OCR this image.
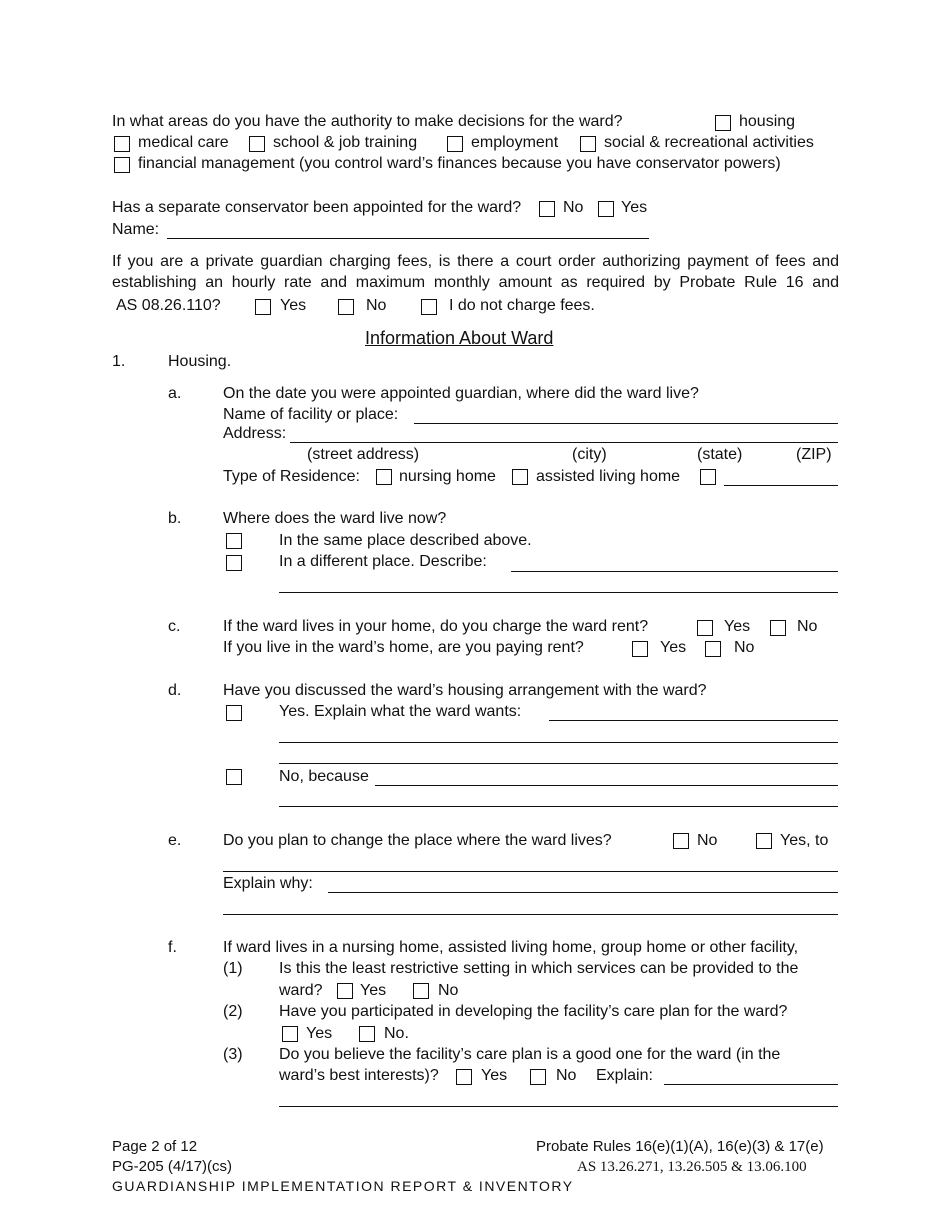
In what areas do you have the authority to make decisions for the ward?	housing
medical care	school & job training	employment	social & recreational activities
financial management (you control ward’s finances because you have conservator powers)
Has a separate conservator been appointed for the ward?	No Yes
Name:
If you are a private guardian charging fees, is there a court order authorizing payment of fees and
establishing an hourly rate and maximum monthly amount as required by Probate Rule 16 and
AS 08.26.110?	Yes	No	I do not charge fees.
Information About Ward
1.	Housing.
a.	On the date you were appointed guardian, where did the ward live?
Name of facility or place:
Address:
(street address)	(city)	(state)	(ZIP)
Type of Residence: nursing home	assisted living home
b.	Where does the ward live now?
In the same place described above.
In a different place. Describe:
c.	If the ward lives in your home, do you charge the ward rent?	Yes	No
If you live in the ward’s home, are you paying rent?	Yes	No
d.	Have you discussed the ward’s housing arrangement with the ward?
Yes. Explain what the ward wants:
No, because
e.	Do you plan to change the place where the ward lives?	No	Yes, to
Explain why:
f.	If ward lives in a nursing home, assisted living home, group home or other facility,
(1) Is this the least restrictive setting in which services can be provided to the
ward? Yes	No
(2) Have you participated in developing the facility’s care plan for the ward?
Yes	No.
(3) Do you believe the facility’s care plan is a good one for the ward (in the
ward’s best interests)?	Yes	No Explain:
Page 2 of 12
PG-205 (4/17)(cs)
GUARDIANSHIP IMPLEMENTATION REPORT & INVENTORY
Probate Rules 16(e)(1)(A), 16(e)(3) & 17(e)
AS 13.26.271, 13.26.505 & 13.06.100
